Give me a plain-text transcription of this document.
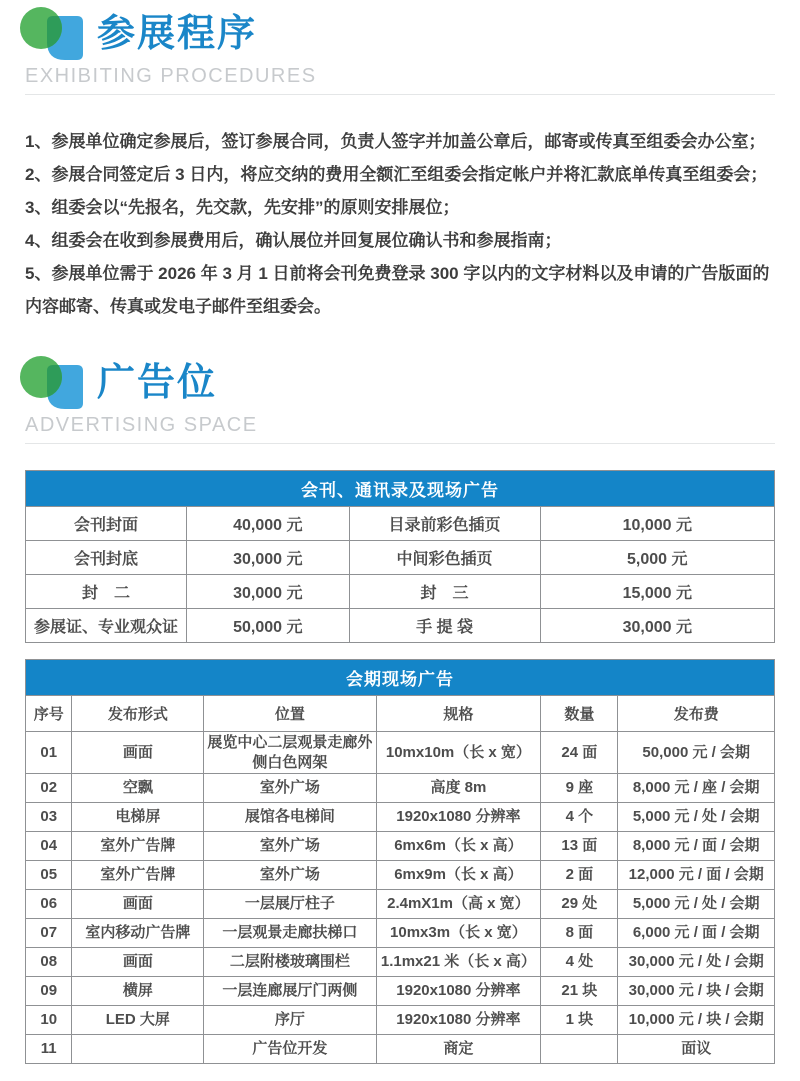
参展程序
EXHIBITING PROCEDURES

1、参展单位确定参展后，签订参展合同，负责人签字并加盖公章后，邮寄或传真至组委会办公室；

2、参展合同签定后 3 日内，将应交纳的费用全额汇至组委会指定帐户并将汇款底单传真至组委会；

3、组委会以“先报名，先交款，先安排”的原则安排展位；

4、组委会在收到参展费用后，确认展位并回复展位确认书和参展指南；

5、参展单位需于 2026 年 3 月 1 日前将会刊免费登录 300 字以内的文字材料以及申请的广告版面的内容邮寄、传真或发电子邮件至组委会。

广告位
ADVERTISING SPACE
会刊、通讯录及现场广告			
会刊封面	40,000 元	目录前彩色插页	10,000 元
会刊封底	30,000 元	中间彩色插页	5,000 元
封　二	30,000 元	封　三	15,000 元
参展证、专业观众证	50,000 元	手 提 袋	30,000 元
会期现场广告					
序号	发布形式	位置	规格	数量	发布费
01	画面	展览中心二层观景走廊外侧白色网架	10mx10m（长 x 宽）	24 面	50,000 元 / 会期
02	空飘	室外广场	高度 8m	9 座	8,000 元 / 座 / 会期
03	电梯屏	展馆各电梯间	1920x1080 分辨率	4 个	5,000 元 / 处 / 会期
04	室外广告牌	室外广场	6mx6m（长 x 高）	13 面	8,000 元 / 面 / 会期
05	室外广告牌	室外广场	6mx9m（长 x 高）	2 面	12,000 元 / 面 / 会期
06	画面	一层展厅柱子	2.4mX1m（高 x 宽）	29 处	5,000 元 / 处 / 会期
07	室内移动广告牌	一层观景走廊扶梯口	10mx3m（长 x 宽）	8 面	6,000 元 / 面 / 会期
08	画面	二层附楼玻璃围栏	1.1mx21 米（长 x 高）	4 处	30,000 元 / 处 / 会期
09	横屏	一层连廊展厅门两侧	1920x1080 分辨率	21 块	30,000 元 / 块 / 会期
10	LED 大屏	序厅	1920x1080 分辨率	1 块	10,000 元 / 块 / 会期
11		广告位开发	商定		面议
